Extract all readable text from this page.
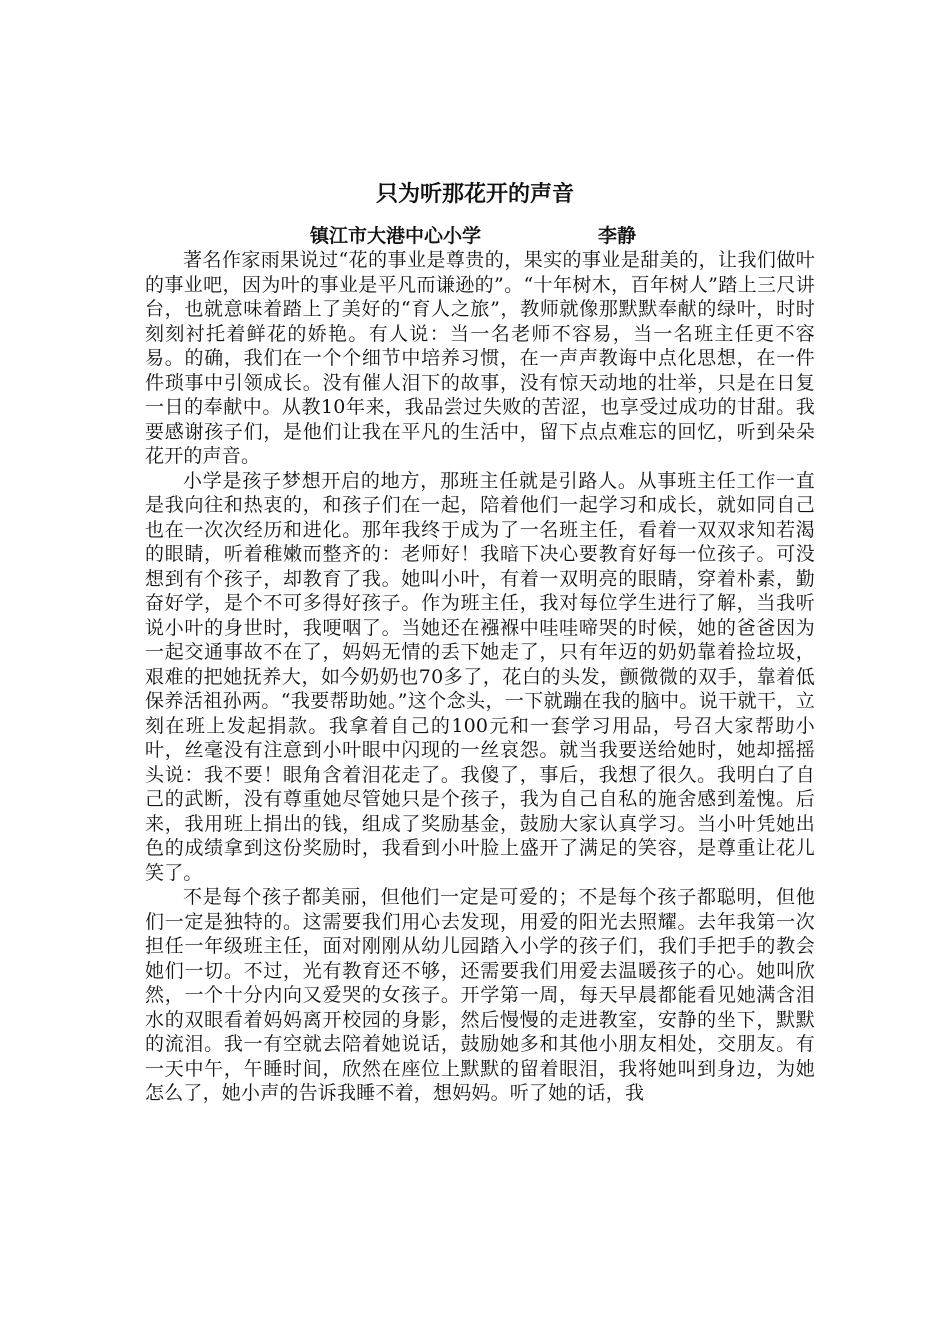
只为听那花开的声音
镇江市大港中心小学	李静

著名作家雨果说过“花的事业是尊贵的，果实的事业是甜美的，让我们做叶的事业吧，因为叶的事业是平凡而谦逊的”。“十年树木，百年树人”踏上三尺讲台，也就意味着踏上了美好的“育人之旅”，教师就像那默默奉献的绿叶，时时刻刻衬托着鲜花的娇艳。有人说：当一名老师不容易，当一名班主任更不容易。的确，我们在一个个细节中培养习惯，在一声声教诲中点化思想，在一件件琐事中引领成长。没有催人泪下的故事，没有惊天动地的壮举，只是在日复一日的奉献中。从教10年来，我品尝过失败的苦涩，也享受过成功的甘甜。我要感谢孩子们，是他们让我在平凡的生活中，留下点点难忘的回忆，听到朵朵花开的声音。

小学是孩子梦想开启的地方，那班主任就是引路人。从事班主任工作一直是我向往和热衷的，和孩子们在一起，陪着他们一起学习和成长，就如同自己也在一次次经历和进化。那年我终于成为了一名班主任，看着一双双求知若渴的眼睛，听着稚嫩而整齐的：老师好！我暗下决心要教育好每一位孩子。可没想到有个孩子，却教育了我。她叫小叶，有着一双明亮的眼睛，穿着朴素，勤奋好学，是个不可多得好孩子。作为班主任，我对每位学生进行了解，当我听说小叶的身世时，我哽咽了。当她还在襁褓中哇哇啼哭的时候，她的爸爸因为一起交通事故不在了，妈妈无情的丢下她走了，只有年迈的奶奶靠着捡垃圾，艰难的把她抚养大，如今奶奶也70多了，花白的头发，颤微微的双手，靠着低保养活祖孙两。“我要帮助她。”这个念头，一下就蹦在我的脑中。说干就干，立刻在班上发起捐款。我拿着自己的100元和一套学习用品，号召大家帮助小叶，丝毫没有注意到小叶眼中闪现的一丝哀怨。就当我要送给她时，她却摇摇头说：我不要！眼角含着泪花走了。我傻了，事后，我想了很久。我明白了自己的武断，没有尊重她尽管她只是个孩子，我为自己自私的施舍感到羞愧。后来，我用班上捐出的钱，组成了奖励基金，鼓励大家认真学习。当小叶凭她出色的成绩拿到这份奖励时，我看到小叶脸上盛开了满足的笑容，是尊重让花儿笑了。

不是每个孩子都美丽，但他们一定是可爱的；不是每个孩子都聪明，但他们一定是独特的。这需要我们用心去发现，用爱的阳光去照耀。去年我第一次担任一年级班主任，面对刚刚从幼儿园踏入小学的孩子们，我们手把手的教会她们一切。不过，光有教育还不够，还需要我们用爱去温暖孩子的心。她叫欣然，一个十分内向又爱哭的女孩子。开学第一周，每天早晨都能看见她满含泪水的双眼看着妈妈离开校园的身影，然后慢慢的走进教室，安静的坐下，默默的流泪。我一有空就去陪着她说话，鼓励她多和其他小朋友相处，交朋友。有一天中午，午睡时间，欣然在座位上默默的留着眼泪，我将她叫到身边，为她怎么了，她小声的告诉我睡不着，想妈妈。听了她的话，我
